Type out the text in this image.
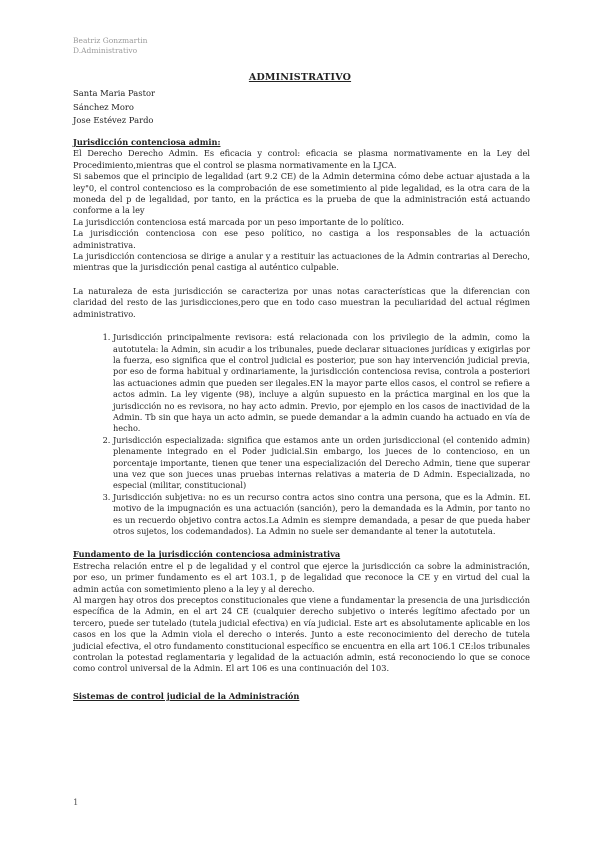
Beatriz Gonzmartin
D.Administrativo
ADMINISTRATIVO
Santa Maria Pastor
Sánchez Moro
Jose Estévez Pardo

Jurisdicción contenciosa admin:

El Derecho Derecho Admin. Es eficacia y control: eficacia se plasma normativamente en la Ley del Procedimiento,mientras que el control se plasma normativamente en la LJCA.

Si sabemos que el principio de legalidad (art 9.2 CE) de la Admin determina cómo debe actuar ajustada a la ley"0, el control contencioso es la comprobación de ese sometimiento al pide legalidad, es la otra cara de la moneda del p de legalidad, por tanto, en la práctica es la prueba de que la administración está actuando conforme a la ley

La jurisdicción contenciosa está marcada por un peso importante de lo político.

La jurisdicción contenciosa con ese peso político, no castiga a los responsables de la actuación administrativa.

La jurisdicción contenciosa se dirige a anular y a restituir las actuaciones de la Admin contrarias al Derecho, mientras que la jurisdicción penal castiga al auténtico culpable.

La naturaleza de esta jurisdicción se caracteriza por unas notas características que la diferencian con claridad del resto de las jurisdicciones,pero que en todo caso muestran la peculiaridad del actual régimen administrativo.

1. Jurisdicción principalmente revisora: está relacionada con los privilegio de la admin, como la autotutela: la Admin, sin acudir a los tribunales, puede declarar situaciones jurídicas y exigirlas por la fuerza, eso significa que el control judicial es posterior, pue son hay intervención judicial previa, por eso de forma habitual y ordinariamente, la jurisdicción contenciosa revisa, controla a posteriori las actuaciones admin que pueden ser ilegales.EN la mayor parte ellos casos, el control se refiere a actos admin. La ley vigente (98), incluye a algún supuesto en la práctica marginal en los que la jurisdicción no es revisora, no hay acto admin. Previo, por ejemplo en los casos de inactividad de la Admin. Tb sin que haya un acto admin, se puede demandar a la admin cuando ha actuado en vía de hecho.
2. Jurisdicción especializada: significa que estamos ante un orden jurisdiccional (el contenido admin) plenamente integrado en el Poder judicial.Sin embargo, los jueces de lo contencioso, en un porcentaje importante, tienen que tener una especialización del Derecho Admin, tiene que superar una vez que son jueces unas pruebas internas relativas a materia de D Admin. Especializada, no especial (militar, constitucional)
3. Jurisdicción subjetiva: no es un recurso contra actos sino contra una persona, que es la Admin. EL motivo de la impugnación es una actuación (sanción), pero la demandada es la Admin, por tanto no es un recuerdo objetivo contra actos.La Admin es siempre demandada, a pesar de que pueda haber otros sujetos, los codemandados). La Admin no suele ser demandante al tener la autotutela.

Fundamento de la jurisdicción contenciosa administrativa

Estrecha relación entre el p de legalidad y el control que ejerce la jurisdicción ca sobre la administración, por eso, un primer fundamento es el art 103.1, p de legalidad que reconoce la CE y en virtud del cual la admin actúa con sometimiento pleno a la ley y al derecho.

Al margen hay otros dos preceptos constitucionales que viene a fundamentar la presencia de una jurisdicción específica de la Admin, en el art 24 CE (cualquier derecho subjetivo o interés legítimo afectado por un tercero, puede ser tutelado (tutela judicial efectiva) en vía judicial. Este art es absolutamente aplicable en los casos en los que la Admin viola el derecho o interés. Junto a este reconocimiento del derecho de tutela judicial efectiva, el otro fundamento constitucional específico se encuentra en ella art 106.1 CE:los tribunales controlan la potestad reglamentaria y legalidad de la actuación admin, está reconociendo lo que se conoce como control universal de la Admin. El art 106 es una continuación del 103.

Sistemas de control judicial de la Administración

1
